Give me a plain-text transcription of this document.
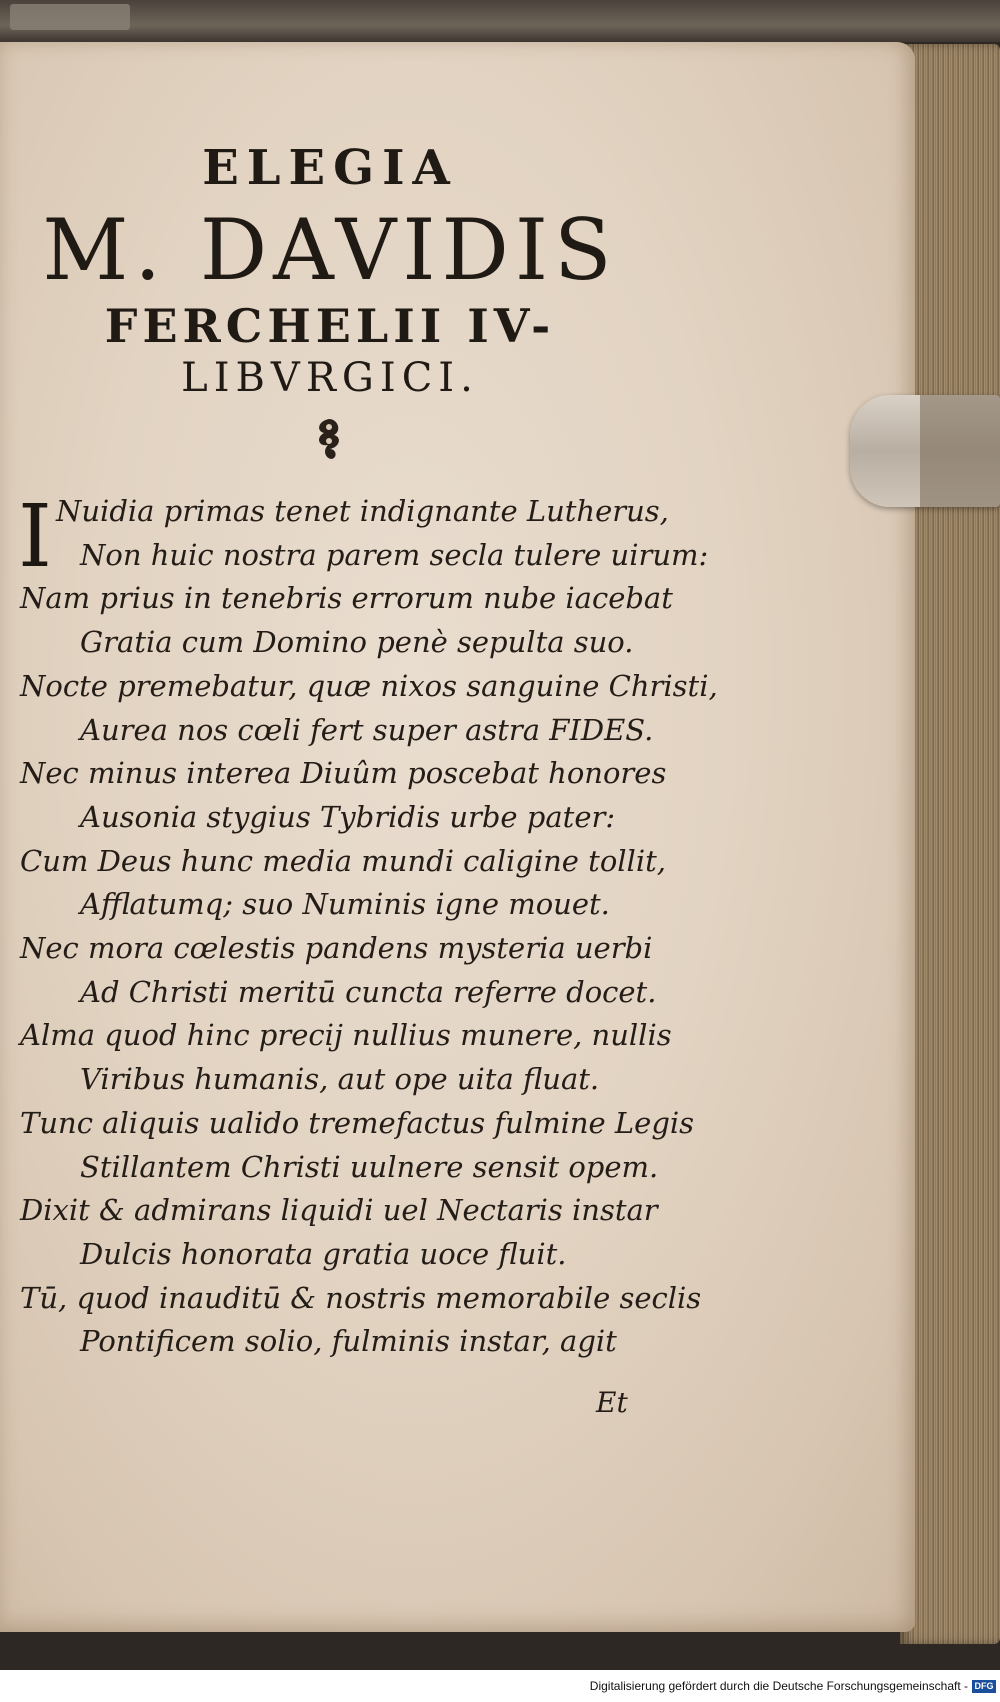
ELEGIA
M. DAVIDIS
FERCHELII IV-
LIBVRGICI.
I Nuidia primas tenet indignante Lutherus,
Non huic nostra parem secla tulere uirum:
Nam prius in tenebris errorum nube iacebat
Gratia cum Domino penè sepulta suo.
Nocte premebatur, quæ nixos sanguine Christi,
Aurea nos cœli fert super astra FIDES.
Nec minus interea Diuûm poscebat honores
Ausonia stygius Tybridis urbe pater:
Cum Deus hunc media mundi caligine tollit,
Afflatumq; suo Numinis igne mouet.
Nec mora cœlestis pandens mysteria uerbi
Ad Christi meritū cuncta referre docet.
Alma quod hinc precij nullius munere, nullis
Viribus humanis, aut ope uita fluat.
Tunc aliquis ualido tremefactus fulmine Legis
Stillantem Christi uulnere sensit opem.
Dixit & admirans liquidi uel Nectaris instar
Dulcis honorata gratia uoce fluit.
Tū, quod inauditū & nostris memorabile seclis
Pontificem solio, fulminis instar, agit
Et
Digitalisierung gefördert durch die Deutsche Forschungsgemeinschaft - DFG
